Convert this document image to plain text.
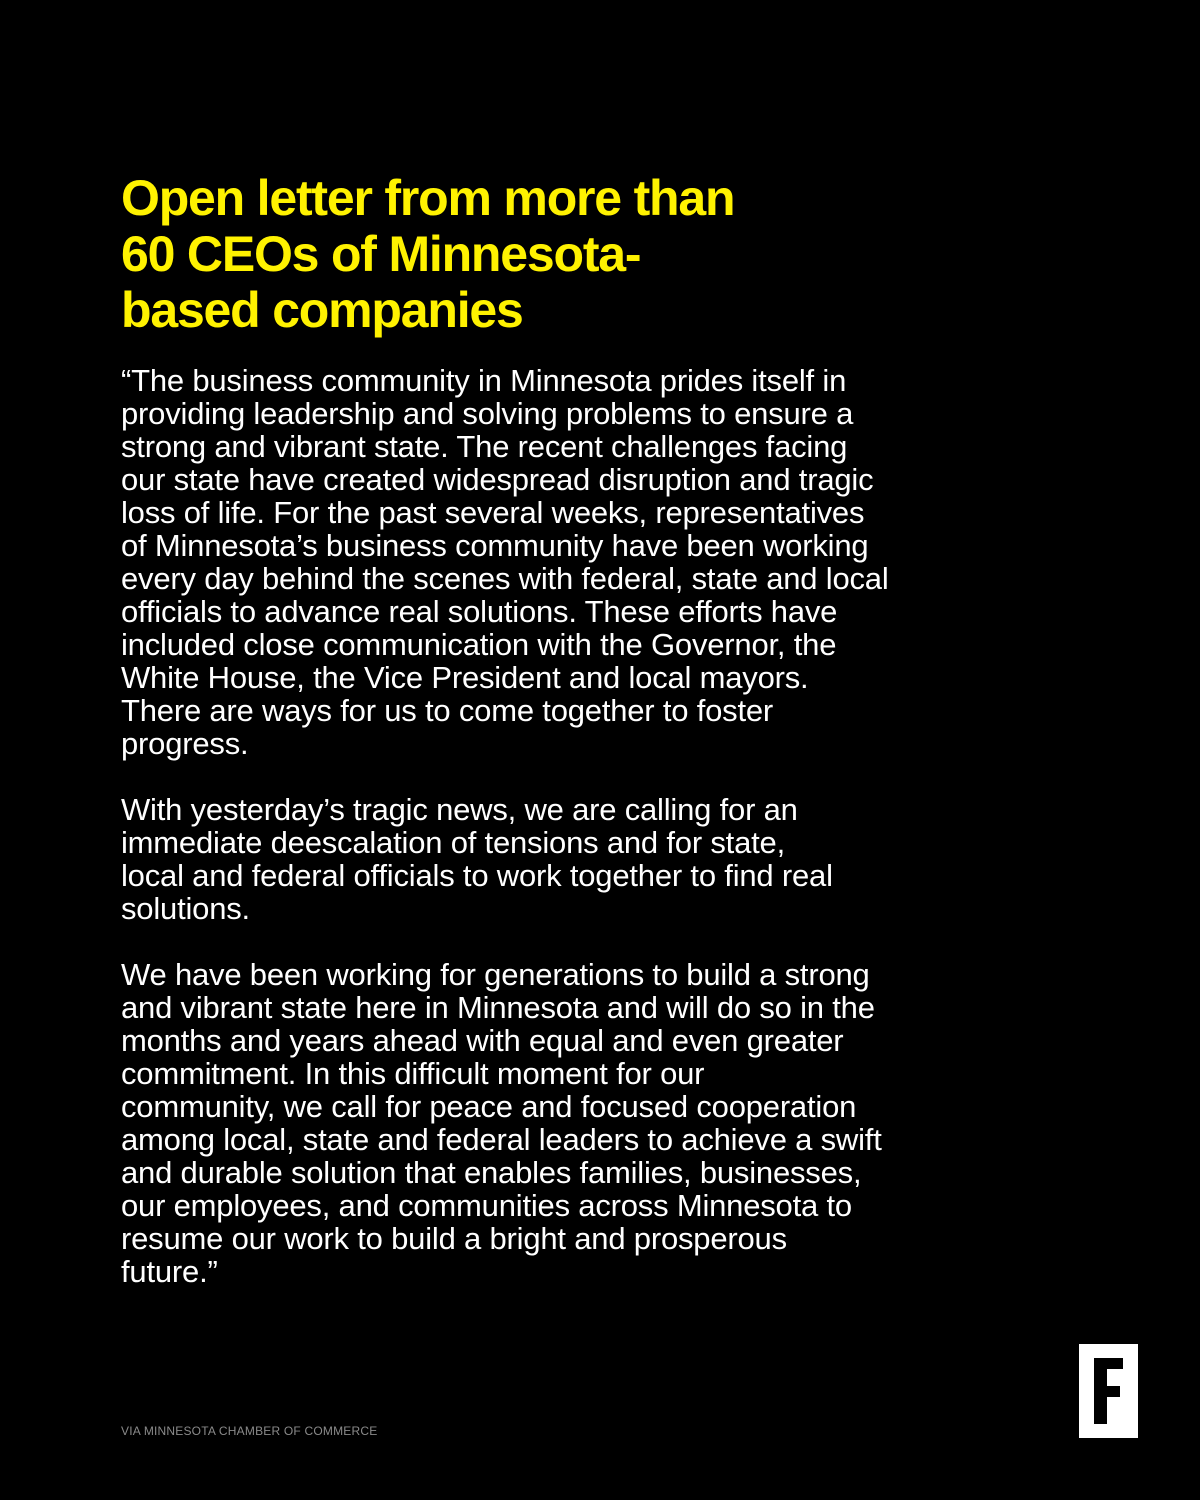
Open letter from more than
60 CEOs of Minnesota-
based companies

“The business community in Minnesota prides itself in
providing leadership and solving problems to ensure a
strong and vibrant state. The recent challenges facing
our state have created widespread disruption and tragic
loss of life. For the past several weeks, representatives
of Minnesota’s business community have been working
every day behind the scenes with federal, state and local
officials to advance real solutions. These efforts have
included close communication with the Governor, the
White House, the Vice President and local mayors.
There are ways for us to come together to foster
progress.

With yesterday’s tragic news, we are calling for an
immediate deescalation of tensions and for state,
local and federal officials to work together to find real
solutions.

We have been working for generations to build a strong
and vibrant state here in Minnesota and will do so in the
months and years ahead with equal and even greater
commitment. In this difficult moment for our
community, we call for peace and focused cooperation
among local, state and federal leaders to achieve a swift
and durable solution that enables families, businesses,
our employees, and communities across Minnesota to
resume our work to build a bright and prosperous
future.”

VIA MINNESOTA CHAMBER OF COMMERCE
